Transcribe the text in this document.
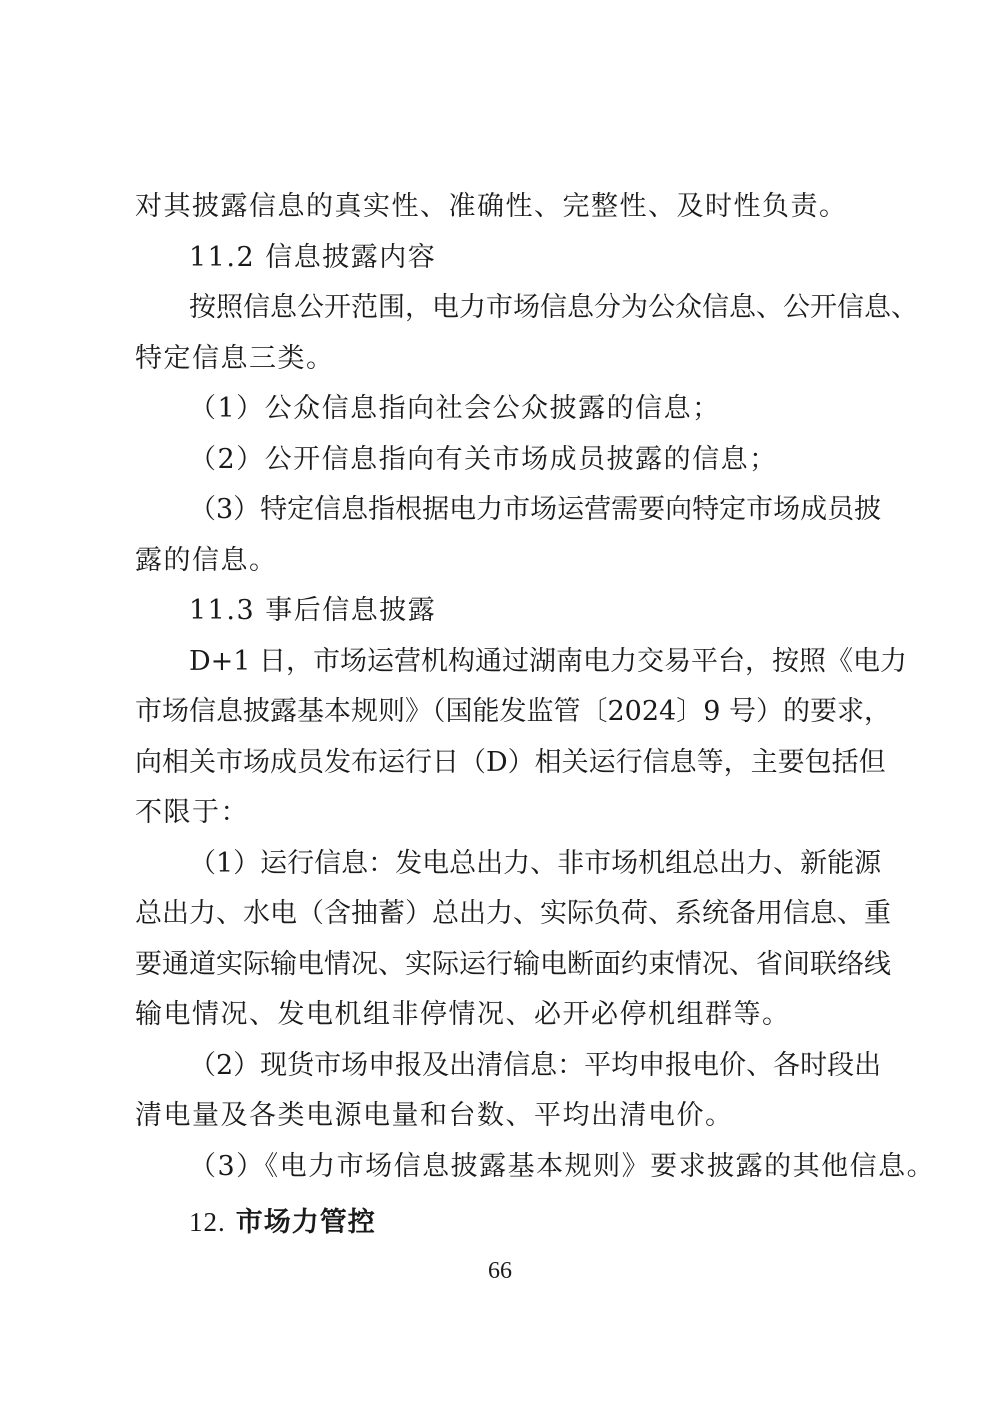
对其披露信息的真实性、准确性、完整性、及时性负责。
11.2 信息披露内容
按照信息公开范围，电力市场信息分为公众信息、公开信息、
特定信息三类。
（1）公众信息指向社会公众披露的信息；
（2）公开信息指向有关市场成员披露的信息；
（3）特定信息指根据电力市场运营需要向特定市场成员披
露的信息。
11.3 事后信息披露
D+1 日，市场运营机构通过湖南电力交易平台，按照《电力
市场信息披露基本规则》（国能发监管〔2024〕9 号）的要求，
向相关市场成员发布运行日（D）相关运行信息等，主要包括但
不限于：
（1）运行信息：发电总出力、非市场机组总出力、新能源
总出力、水电（含抽蓄）总出力、实际负荷、系统备用信息、重
要通道实际输电情况、实际运行输电断面约束情况、省间联络线
输电情况、发电机组非停情况、必开必停机组群等。
（2）现货市场申报及出清信息：平均申报电价、各时段出
清电量及各类电源电量和台数、平均出清电价。
（3）《电力市场信息披露基本规则》要求披露的其他信息。
12. 市场力管控
66
